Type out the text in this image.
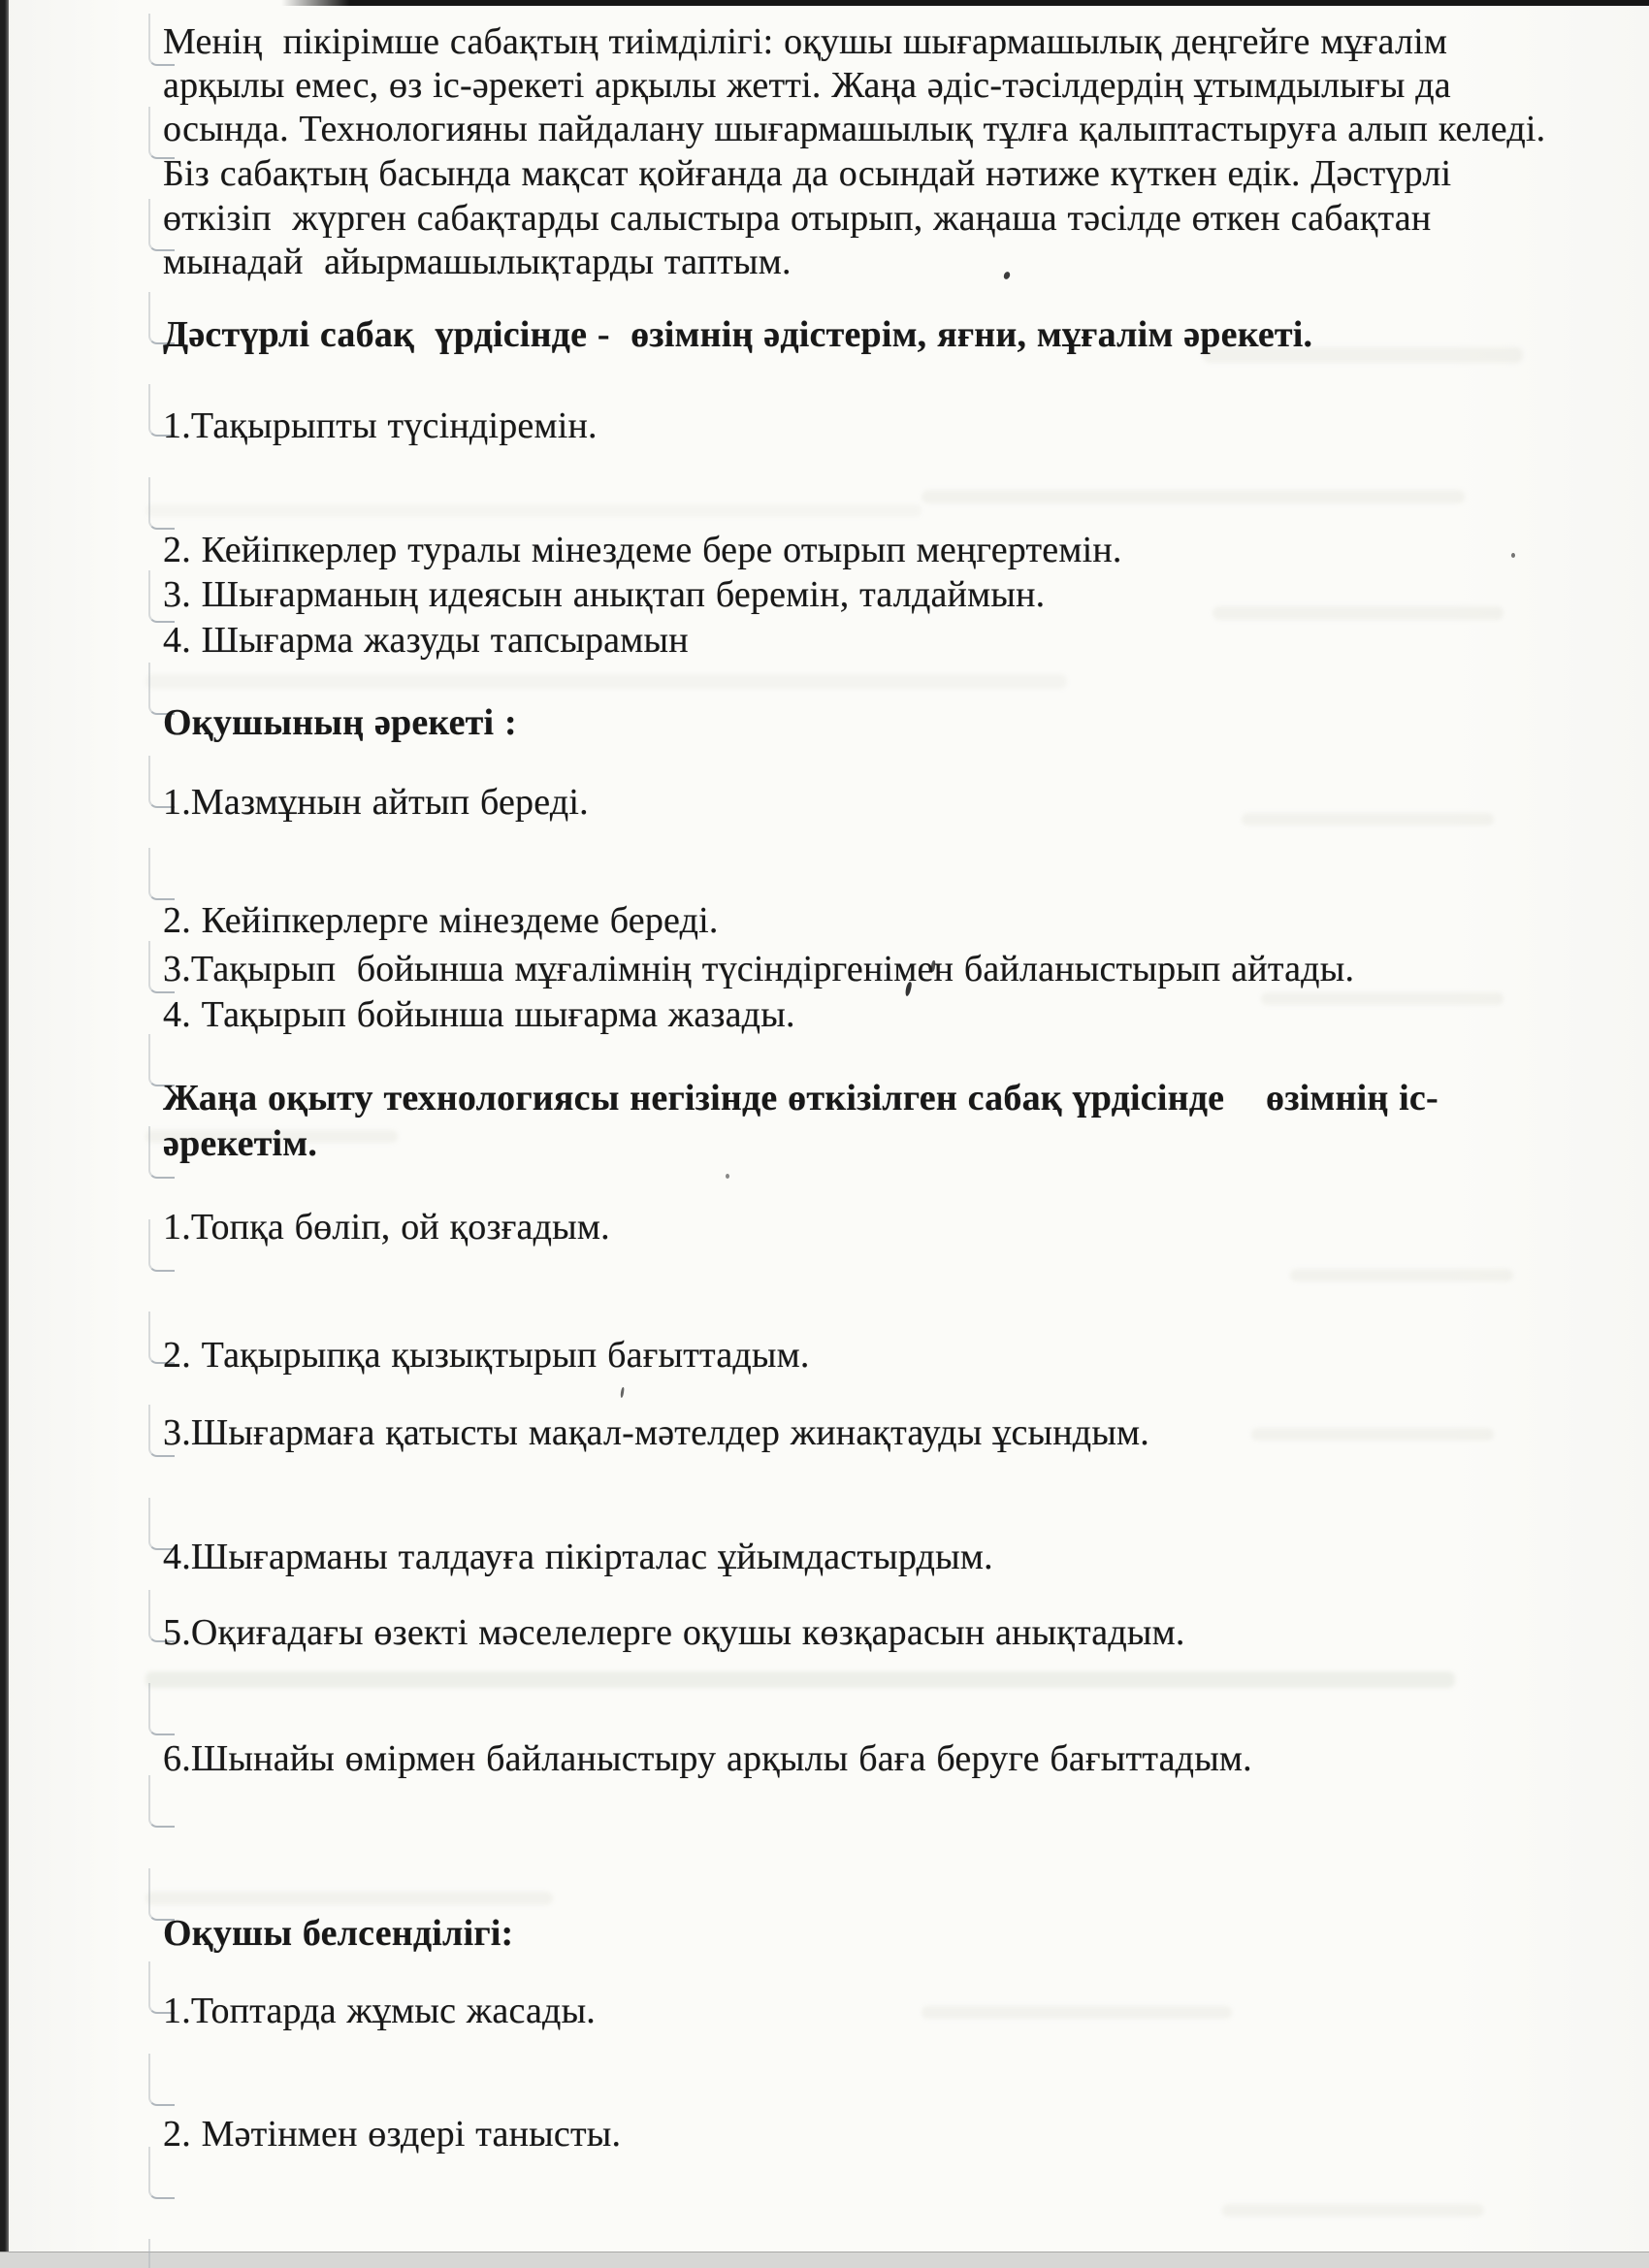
Менің  пікірімше сабақтың тиімділігі: оқушы шығармашылық деңгейге мұғалім
арқылы емес, өз іс-әрекеті арқылы жетті. Жаңа әдіс-тәсілдердің ұтымдылығы да
осында. Технологияны пайдалану шығармашылық тұлға қалыптастыруға алып келеді.
Біз сабақтың басында мақсат қойғанда да осындай нәтиже күткен едік. Дәстүрлі
өткізіп  жүрген сабақтарды салыстыра отырып, жаңаша тәсілде өткен сабақтан
мынадай  айырмашылықтарды таптым.
Дәстүрлі сабақ  үрдісінде -  өзімнің әдістерім, яғни, мұғалім әрекеті.
1.Тақырыпты түсіндіремін.
2. Кейіпкерлер туралы мінездеме бере отырып меңгертемін.
3. Шығарманың идеясын анықтап беремін, талдаймын.
4. Шығарма жазуды тапсырамын
Оқушының әрекеті :
1.Мазмұнын айтып береді.
2. Кейіпкерлерге мінездеме береді.
3.Тақырып  бойынша мұғалімнің түсіндіргенімен байланыстырып айтады.
4. Тақырып бойынша шығарма жазады.
Жаңа оқыту технологиясы негізінде өткізілген сабақ үрдісінде    өзімнің іс-
әрекетім.
1.Топқа бөліп, ой қозғадым.
2. Тақырыпқа қызықтырып бағыттадым.
3.Шығармаға қатысты мақал-мәтелдер жинақтауды ұсындым.
4.Шығарманы талдауға пікірталас ұйымдастырдым.
5.Оқиғадағы өзекті мәселелерге оқушы көзқарасын анықтадым.
6.Шынайы өмірмен байланыстыру арқылы баға беруге бағыттадым.
Оқушы белсенділігі:
1.Топтарда жұмыс жасады.
2. Мәтінмен өздері танысты.
